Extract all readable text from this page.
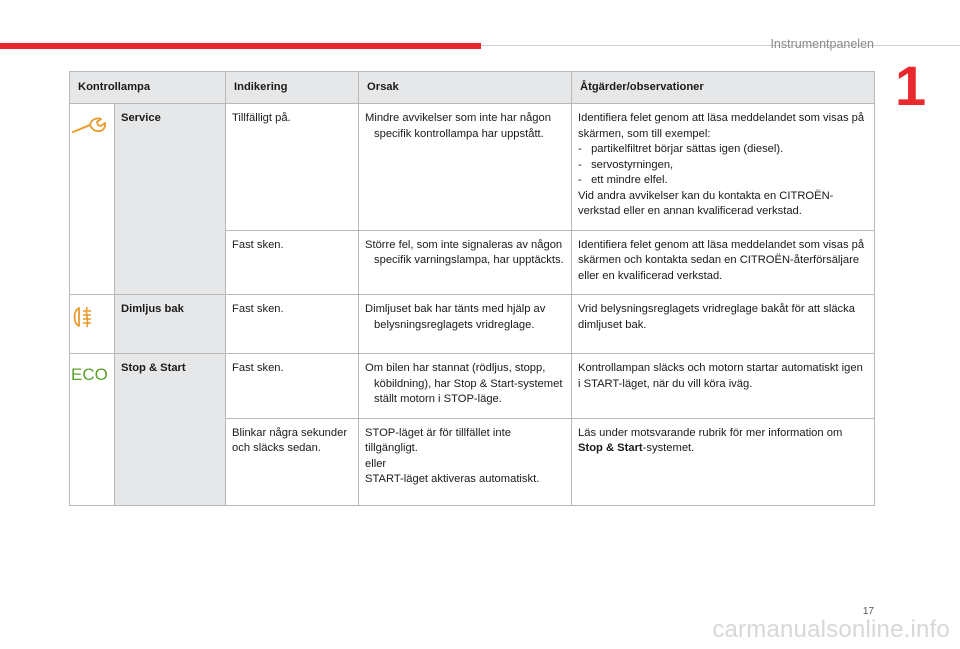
Instrumentpanelen
1
Kontrollampa		Indikering	Orsak	Åtgärder/observationer
	Service	Tillfälligt på.	Mindre avvikelser som inte har någon specifik kontrollampa har uppstått.	Identifiera felet genom att läsa meddelandet som visas på skärmen, som till exempel:
-   partikelfiltret börjar sättas igen (diesel).
-   servostyrningen,
-   ett mindre elfel.
Vid andra avvikelser kan du kontakta en CITROËN-verkstad eller en annan kvalificerad verkstad.

		Fast sken.	Större fel, som inte signaleras av någon specifik varningslampa, har upptäckts.	Identifiera felet genom att läsa meddelandet som visas på skärmen och kontakta sedan en CITROËN-återförsäljare eller en kvalificerad verkstad.
	Dimljus bak	Fast sken.	Dimljuset bak har tänts med hjälp av belysningsreglagets vridreglage.	Vrid belysningsreglagets vridreglage bakåt för att släcka dimljuset bak.

ECO	Stop & Start	Fast sken.	Om bilen har stannat (rödljus, stopp, köbildning), har Stop & Start-systemet ställt motorn i STOP-läge.	Kontrollampan släcks och motorn startar automatiskt igen i START-läget, när du vill köra iväg.
		Blinkar några sekunder och släcks sedan.	STOP-läget är för tillfället inte tillgängligt.
eller
START-läget aktiveras automatiskt.	Läs under motsvarande rubrik för mer information om Stop & Start-systemet.
17
carmanualsonline.info
